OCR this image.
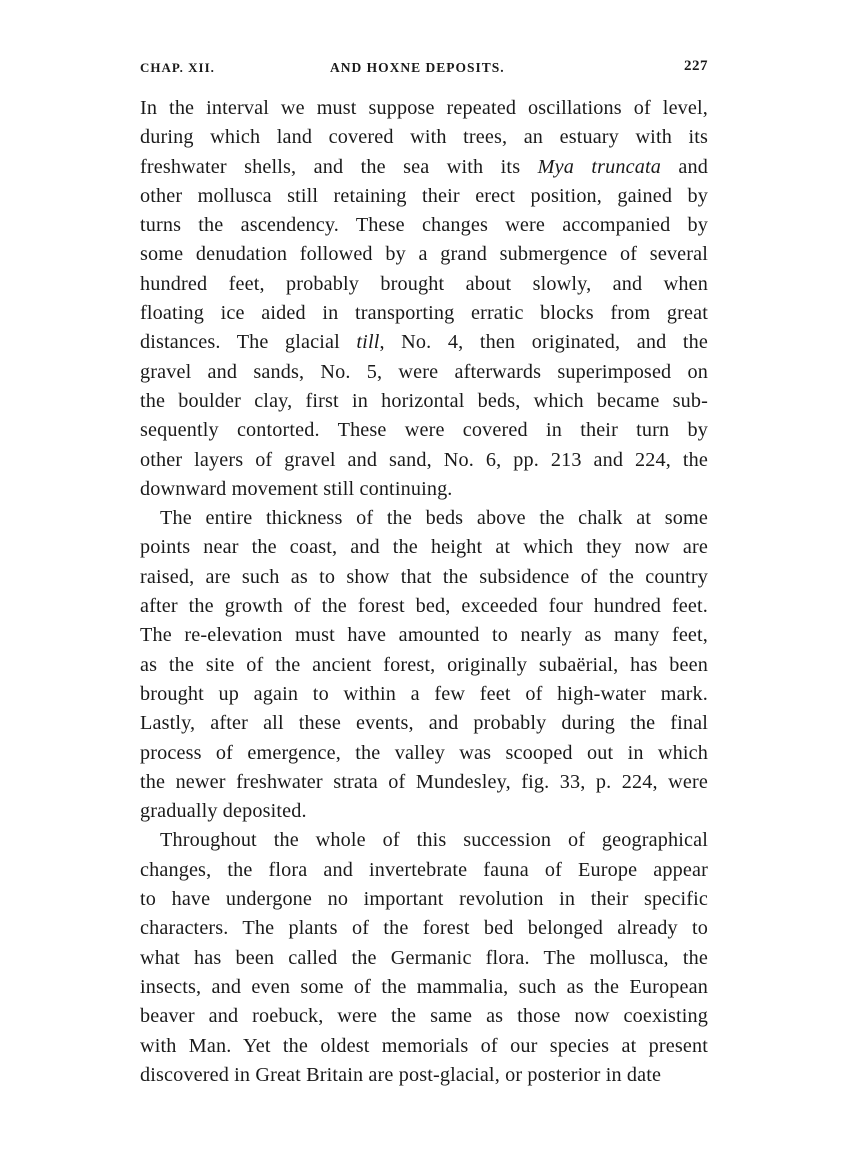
CHAP. XII.	AND HOXNE DEPOSITS.	227

In the interval we must suppose repeated oscillations of level,
during which land covered with trees, an estuary with its
freshwater shells, and the sea with its Mya truncata and
other mollusca still retaining their erect position, gained by
turns the ascendency. These changes were accompanied by
some denudation followed by a grand submergence of several
hundred feet, probably brought about slowly, and when
floating ice aided in transporting erratic blocks from great
distances. The glacial till, No. 4, then originated, and the
gravel and sands, No. 5, were afterwards superimposed on
the boulder clay, first in horizontal beds, which became sub-
sequently contorted. These were covered in their turn by
other layers of gravel and sand, No. 6, pp. 213 and 224, the
downward movement still continuing.

The entire thickness of the beds above the chalk at some
points near the coast, and the height at which they now are
raised, are such as to show that the subsidence of the country
after the growth of the forest bed, exceeded four hundred feet.
The re-elevation must have amounted to nearly as many feet,
as the site of the ancient forest, originally subaërial, has been
brought up again to within a few feet of high-water mark.
Lastly, after all these events, and probably during the final
process of emergence, the valley was scooped out in which
the newer freshwater strata of Mundesley, fig. 33, p. 224, were
gradually deposited.

Throughout the whole of this succession of geographical
changes, the flora and invertebrate fauna of Europe appear
to have undergone no important revolution in their specific
characters. The plants of the forest bed belonged already to
what has been called the Germanic flora. The mollusca, the
insects, and even some of the mammalia, such as the European
beaver and roebuck, were the same as those now coexisting
with Man. Yet the oldest memorials of our species at present
discovered in Great Britain are post-glacial, or posterior in date
